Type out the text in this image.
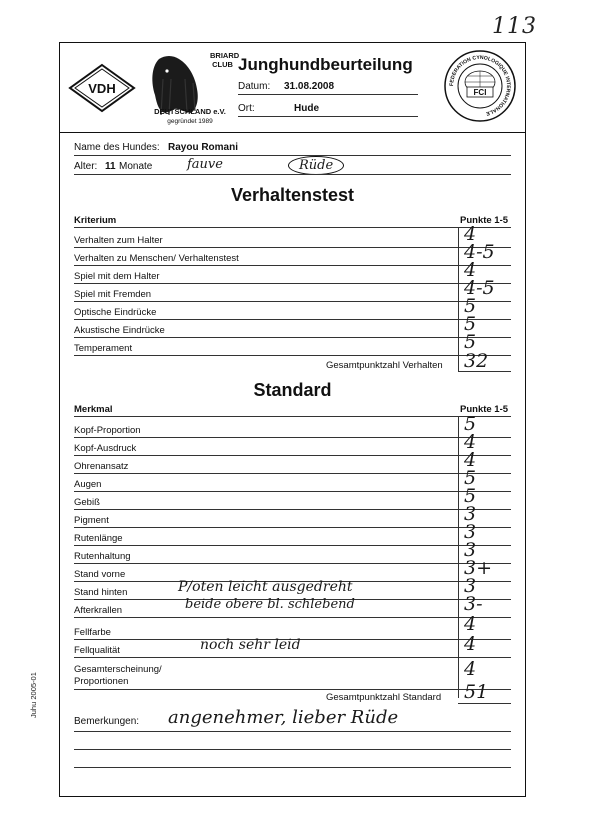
113
VDH
BRIARD CLUB
DEUTSCHLAND e.V.
gegründet 1989
Junghundbeurteilung
Datum:	31.08.2008
Ort:	Hude
FEDERATION CYNOLOGIQUE INTERNATIONALE
FCI
Name des Hundes: Rayou Romani
Alter: 11 Monate	fauve	Rüde
Verhaltenstest
Kriterium	Punkte 1-5
Verhalten zum Halter	4
Verhalten zu Menschen/ Verhaltenstest	4-5
Spiel mit dem Halter	4
Spiel mit Fremden	4-5
Optische Eindrücke	5
Akustische Eindrücke	5
Temperament	5
Gesamtpunktzahl Verhalten 32
Standard
Merkmal	Punkte 1-5
Kopf-Proportion	5
Kopf-Ausdruck	4
Ohrenansatz	4
Augen	5
Gebiß	5
Pigment	3
Rutenlänge	3
Rutenhaltung	3
Stand vorne	3+
Stand hinten	P/oten leicht ausgedreht	3
Afterkrallen	beide obere bl. schlebend	3-
Fellfarbe	4
Fellqualität	noch sehr leid	4
Gesamterscheinung/
Proportionen
4
Gesamtpunktzahl Standard 51
Bemerkungen: angenehmer, lieber Rüde
Juhu 2005-01
